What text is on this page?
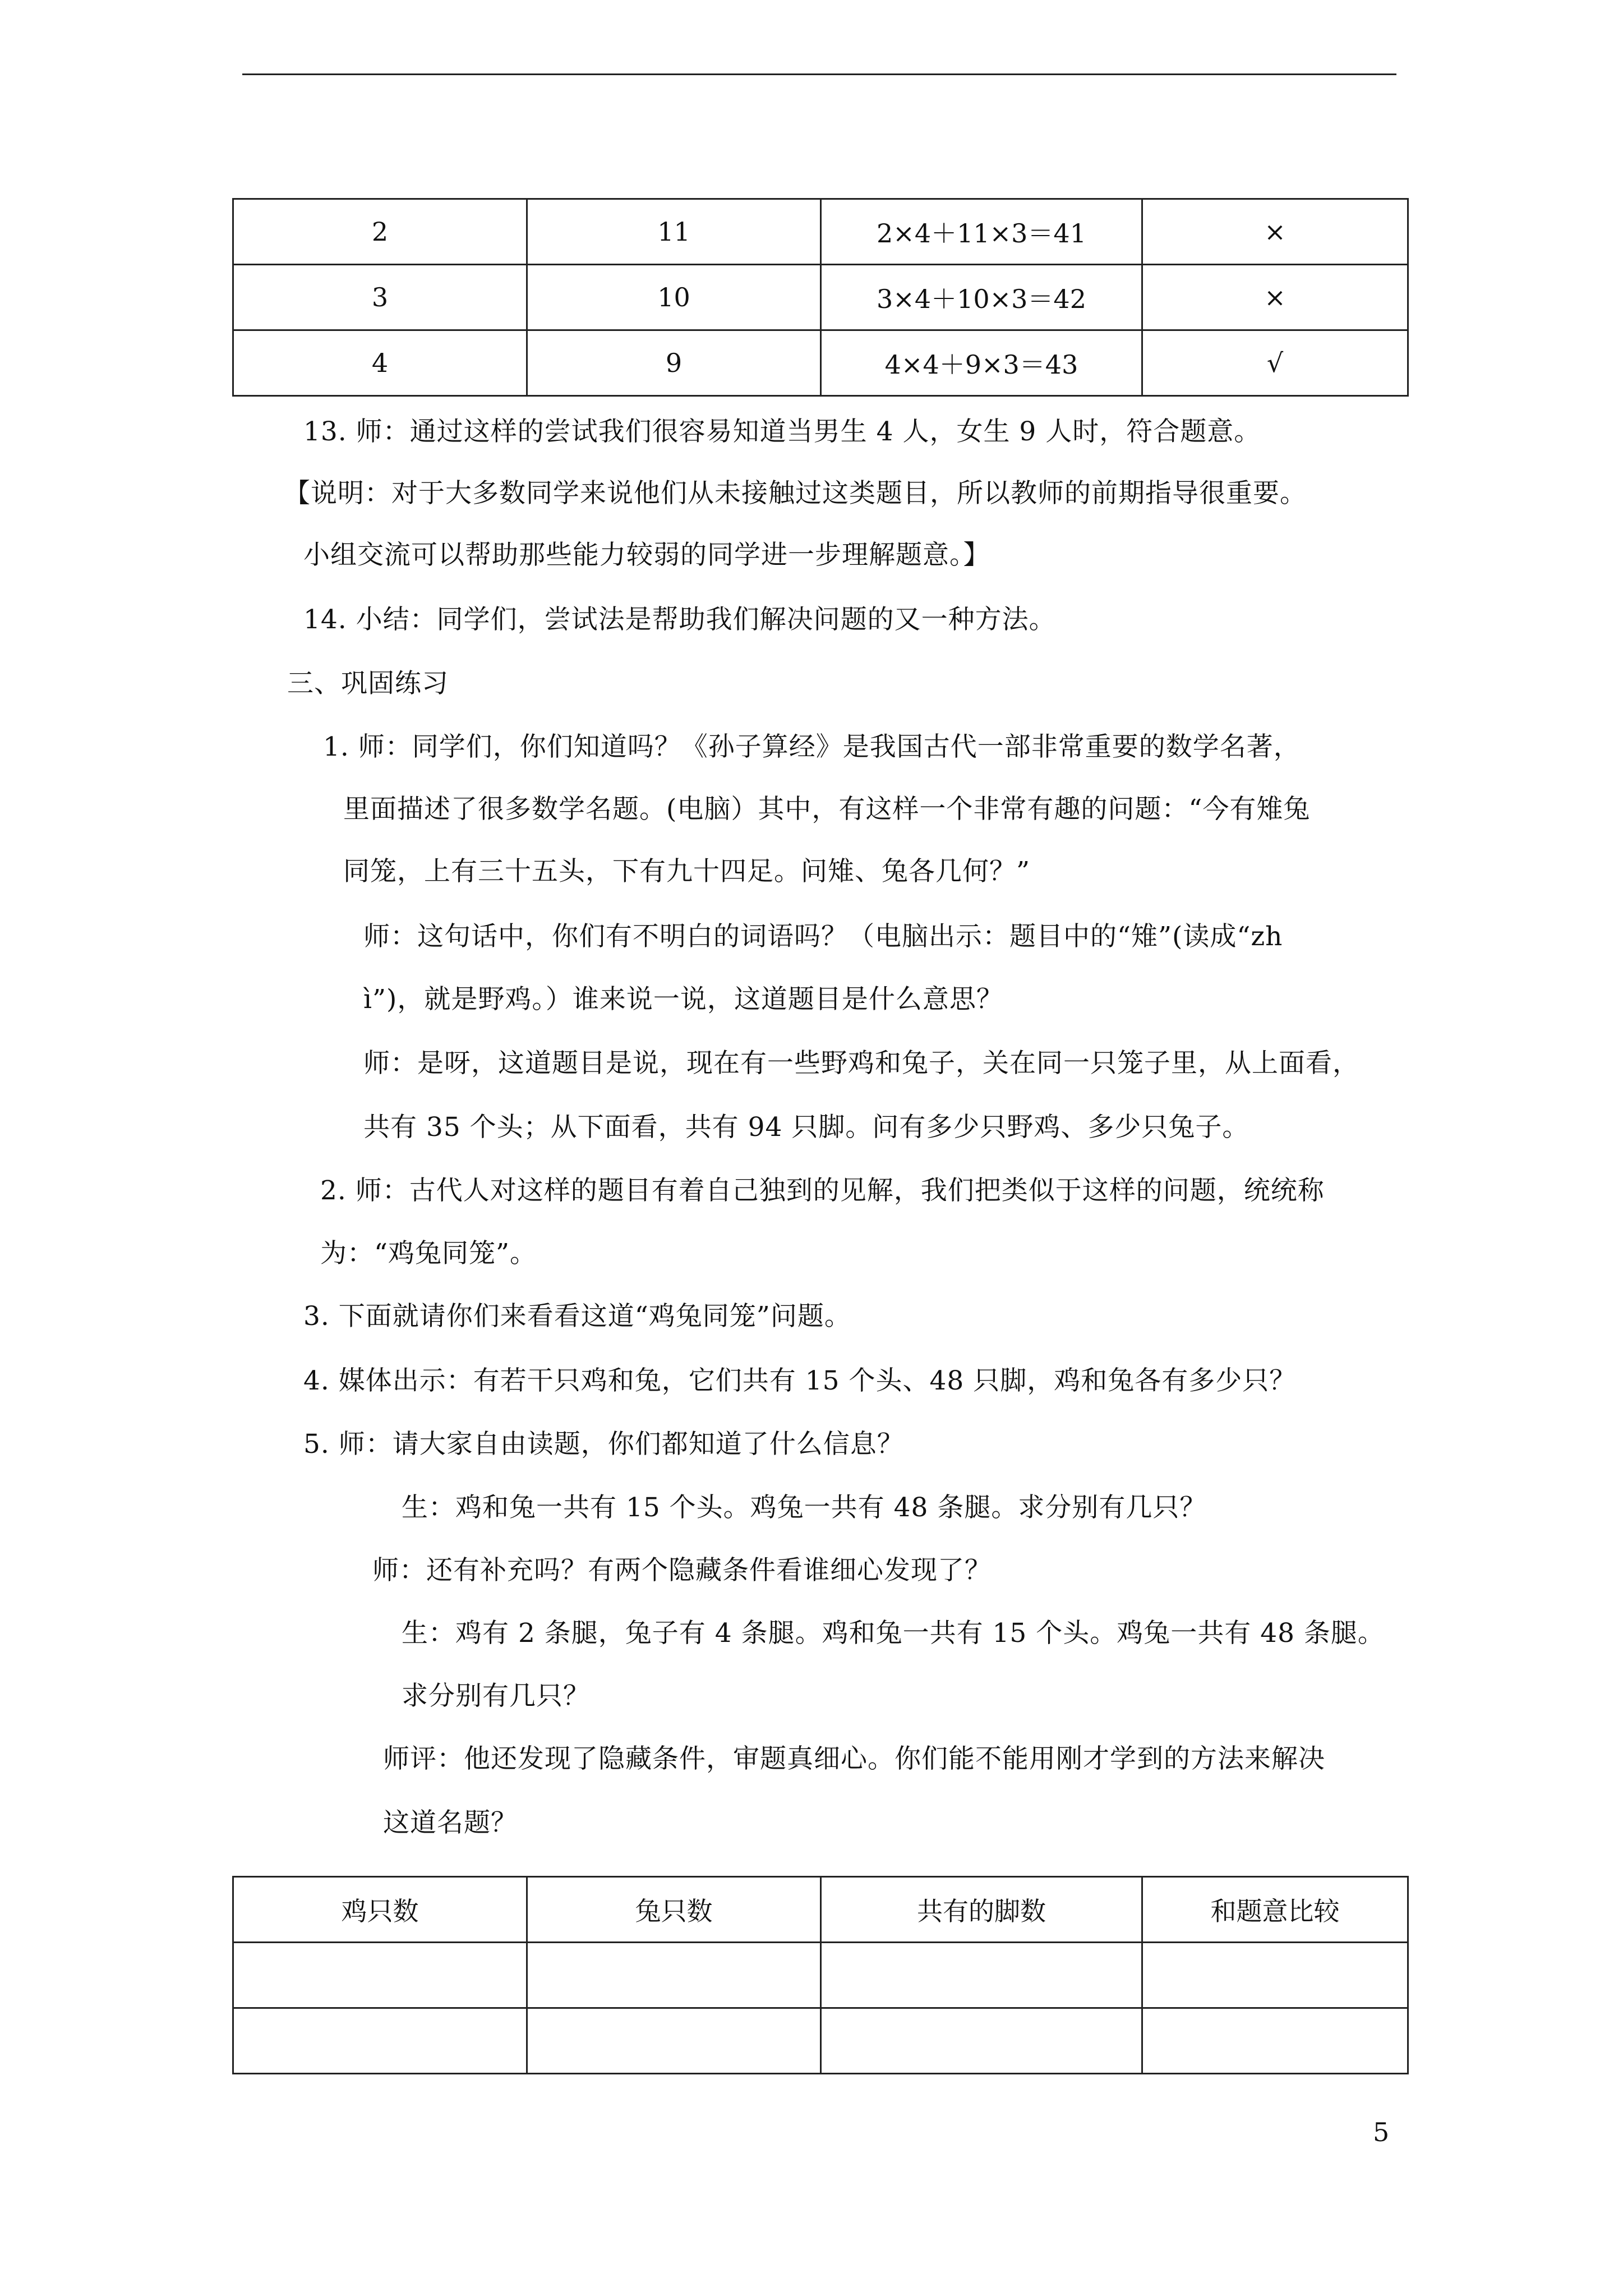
2	11	2×4＋11×3＝41	×
3	10	3×4＋10×3＝42	×
4	9	4×4＋9×3＝43	√
13. 师：通过这样的尝试我们很容易知道当男生 4 人，女生 9 人时，符合题意。
【说明：对于大多数同学来说他们从未接触过这类题目，所以教师的前期指导很重要。
小组交流可以帮助那些能力较弱的同学进一步理解题意。】
14. 小结：同学们，尝试法是帮助我们解决问题的又一种方法。
三、巩固练习
1. 师：同学们，你们知道吗？《孙子算经》是我国古代一部非常重要的数学名著，
里面描述了很多数学名题。(电脑）其中，有这样一个非常有趣的问题：“今有雉兔
同笼，上有三十五头，下有九十四足。问雉、兔各几何？”
师：这句话中，你们有不明白的词语吗？（电脑出示：题目中的“雉”(读成“zh
ì”)，就是野鸡。）谁来说一说，这道题目是什么意思？
师：是呀，这道题目是说，现在有一些野鸡和兔子，关在同一只笼子里，从上面看，
共有 35 个头；从下面看，共有 94 只脚。问有多少只野鸡、多少只兔子。
2. 师：古代人对这样的题目有着自己独到的见解，我们把类似于这样的问题，统统称
为：“鸡兔同笼”。
3. 下面就请你们来看看这道“鸡兔同笼”问题。
4. 媒体出示：有若干只鸡和兔，它们共有 15 个头、48 只脚，鸡和兔各有多少只？
5. 师：请大家自由读题，你们都知道了什么信息？
生：鸡和兔一共有 15 个头。鸡兔一共有 48 条腿。求分别有几只？
师：还有补充吗？有两个隐藏条件看谁细心发现了？
生：鸡有 2 条腿，兔子有 4 条腿。鸡和兔一共有 15 个头。鸡兔一共有 48 条腿。
求分别有几只？
师评：他还发现了隐藏条件，审题真细心。你们能不能用刚才学到的方法来解决
这道名题？
鸡只数	兔只数	共有的脚数	和题意比较

5
